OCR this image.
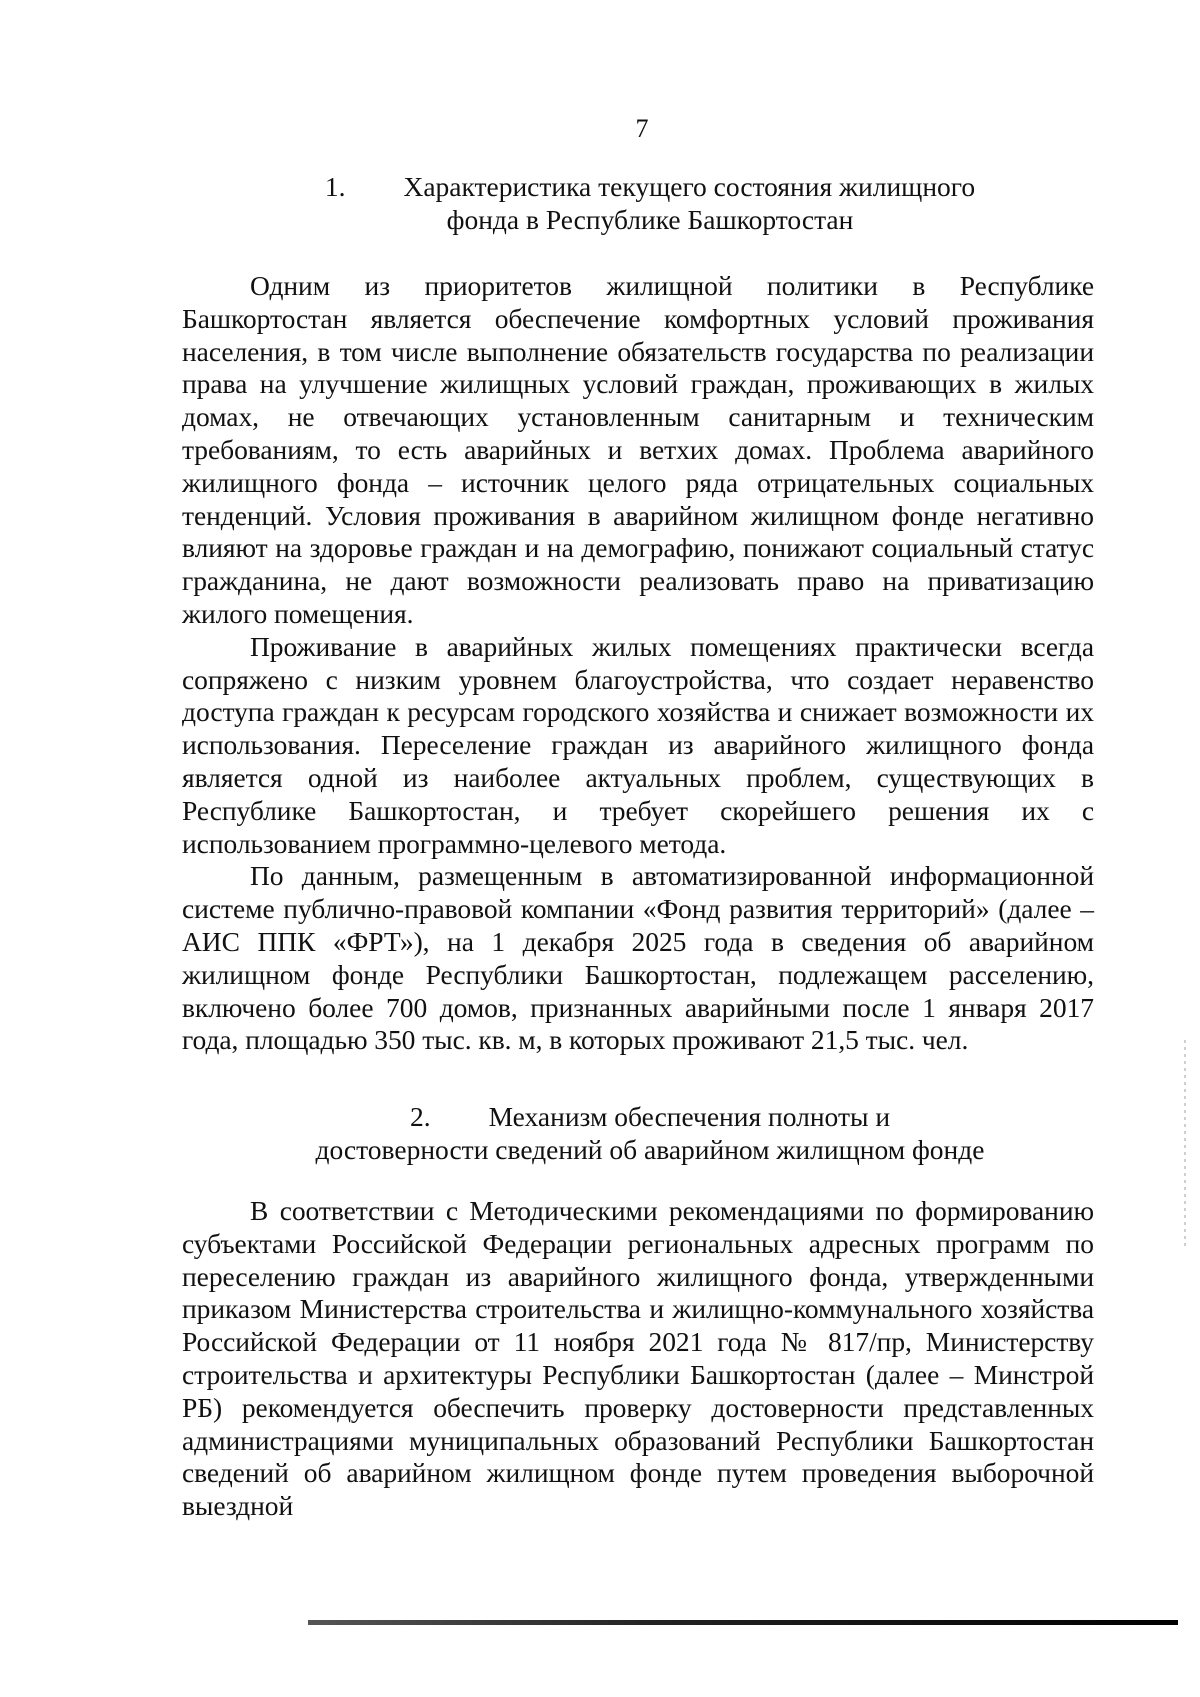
7
1. Характеристика текущего состояния жилищного
фонда в Республике Башкортостан

Одним из приоритетов жилищной политики в Республике Башкортостан является обеспечение комфортных условий проживания населения, в том числе выполнение обязательств государства по реализации права на улучшение жилищных условий граждан, проживающих в жилых домах, не отвечающих установленным санитарным и техническим требованиям, то есть аварийных и ветхих домах. Проблема аварийного жилищного фонда – источник целого ряда отрицательных социальных тенденций. Условия проживания в аварийном жилищном фонде негативно влияют на здоровье граждан и на демографию, понижают социальный статус гражданина, не дают возможности реализовать право на приватизацию жилого помещения.

Проживание в аварийных жилых помещениях практически всегда сопряжено с низким уровнем благоустройства, что создает неравенство доступа граждан к ресурсам городского хозяйства и снижает возможности их использования. Переселение граждан из аварийного жилищного фонда является одной из наиболее актуальных проблем, существующих в Республике Башкортостан, и требует скорейшего решения их с использованием программно-целевого метода.

По данным, размещенным в автоматизированной информационной системе публично-правовой компании «Фонд развития территорий» (далее – АИС ППК «ФРТ»), на 1 декабря 2025 года в сведения об аварийном жилищном фонде Республики Башкортостан, подлежащем расселению, включено более 700 домов, признанных аварийными после 1 января 2017 года, площадью 350 тыс. кв. м, в которых проживают 21,5 тыс. чел.

2. Механизм обеспечения полноты и
достоверности сведений об аварийном жилищном фонде

В соответствии с Методическими рекомендациями по формированию субъектами Российской Федерации региональных адресных программ по переселению граждан из аварийного жилищного фонда, утвержденными приказом Министерства строительства и жилищно-коммунального хозяйства Российской Федерации от 11 ноября 2021 года № 817/пр, Министерству строительства и архитектуры Республики Башкортостан (далее – Минстрой РБ) рекомендуется обеспечить проверку достоверности представленных администрациями муниципальных образований Республики Башкортостан сведений об аварийном жилищном фонде путем проведения выборочной выездной
